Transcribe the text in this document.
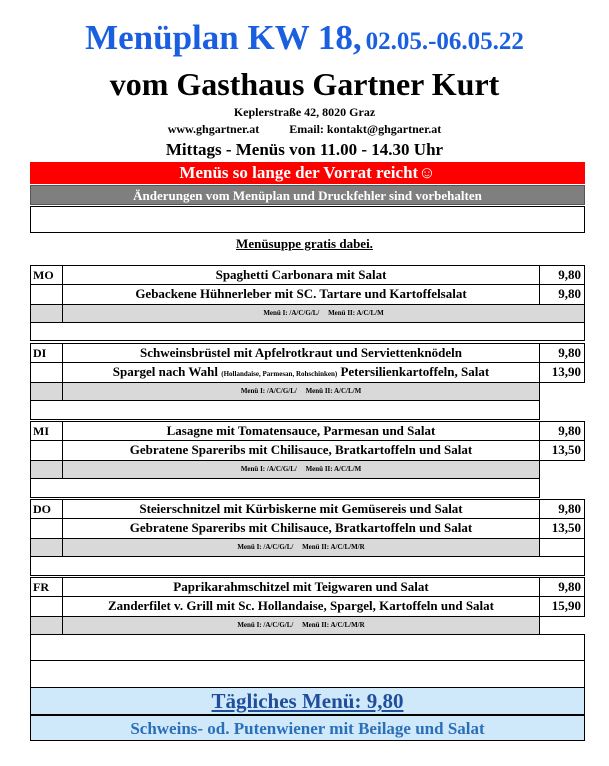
Menüplan KW 18, 02.05.-06.05.22
vom Gasthaus Gartner Kurt
Keplerstraße 42, 8020 Graz
www.ghgartner.at	Email: kontakt@ghgartner.at
Mittags - Menüs von 11.00 - 14.30 Uhr
Menüs so lange der Vorrat reicht☺
Änderungen vom Menüplan und Druckfehler sind vorbehalten
Menüsuppe gratis dabei.
MO	Spaghetti Carbonara mit Salat	9,80
Gebackene Hühnerleber mit SC. Tartare und Kartoffelsalat	9,80
Menü I: /A/C/G/L/     Menü II: A/C/L/M
DI	Schweinsbrüstel mit Apfelrotkraut und Serviettenknödeln	9,80
Spargel nach Wahl (Hollandaise, Parmesan, Rohschinken) Petersilienkartoffeln, Salat	13,90
Menü I: /A/C/G/L/     Menü II: A/C/L/M
MI	Lasagne mit Tomatensauce, Parmesan und Salat	9,80
Gebratene Spareribs mit Chilisauce, Bratkartoffeln und Salat	13,50
Menü I: /A/C/G/L/     Menü II: A/C/L/M
DO	Steierschnitzel mit Kürbiskerne mit Gemüsereis und Salat	9,80
Gebratene Spareribs mit Chilisauce, Bratkartoffeln und Salat	13,50
Menü I: /A/C/G/L/     Menü II: A/C/L/M/R
FR	Paprikarahmschitzel mit Teigwaren und Salat	9,80
Zanderfilet v. Grill mit Sc. Hollandaise, Spargel, Kartoffeln und Salat	15,90
Menü I: /A/C/G/L/     Menü II: A/C/L/M/R
Tägliches Menü: 9,80
Schweins- od. Putenwiener mit Beilage und Salat
